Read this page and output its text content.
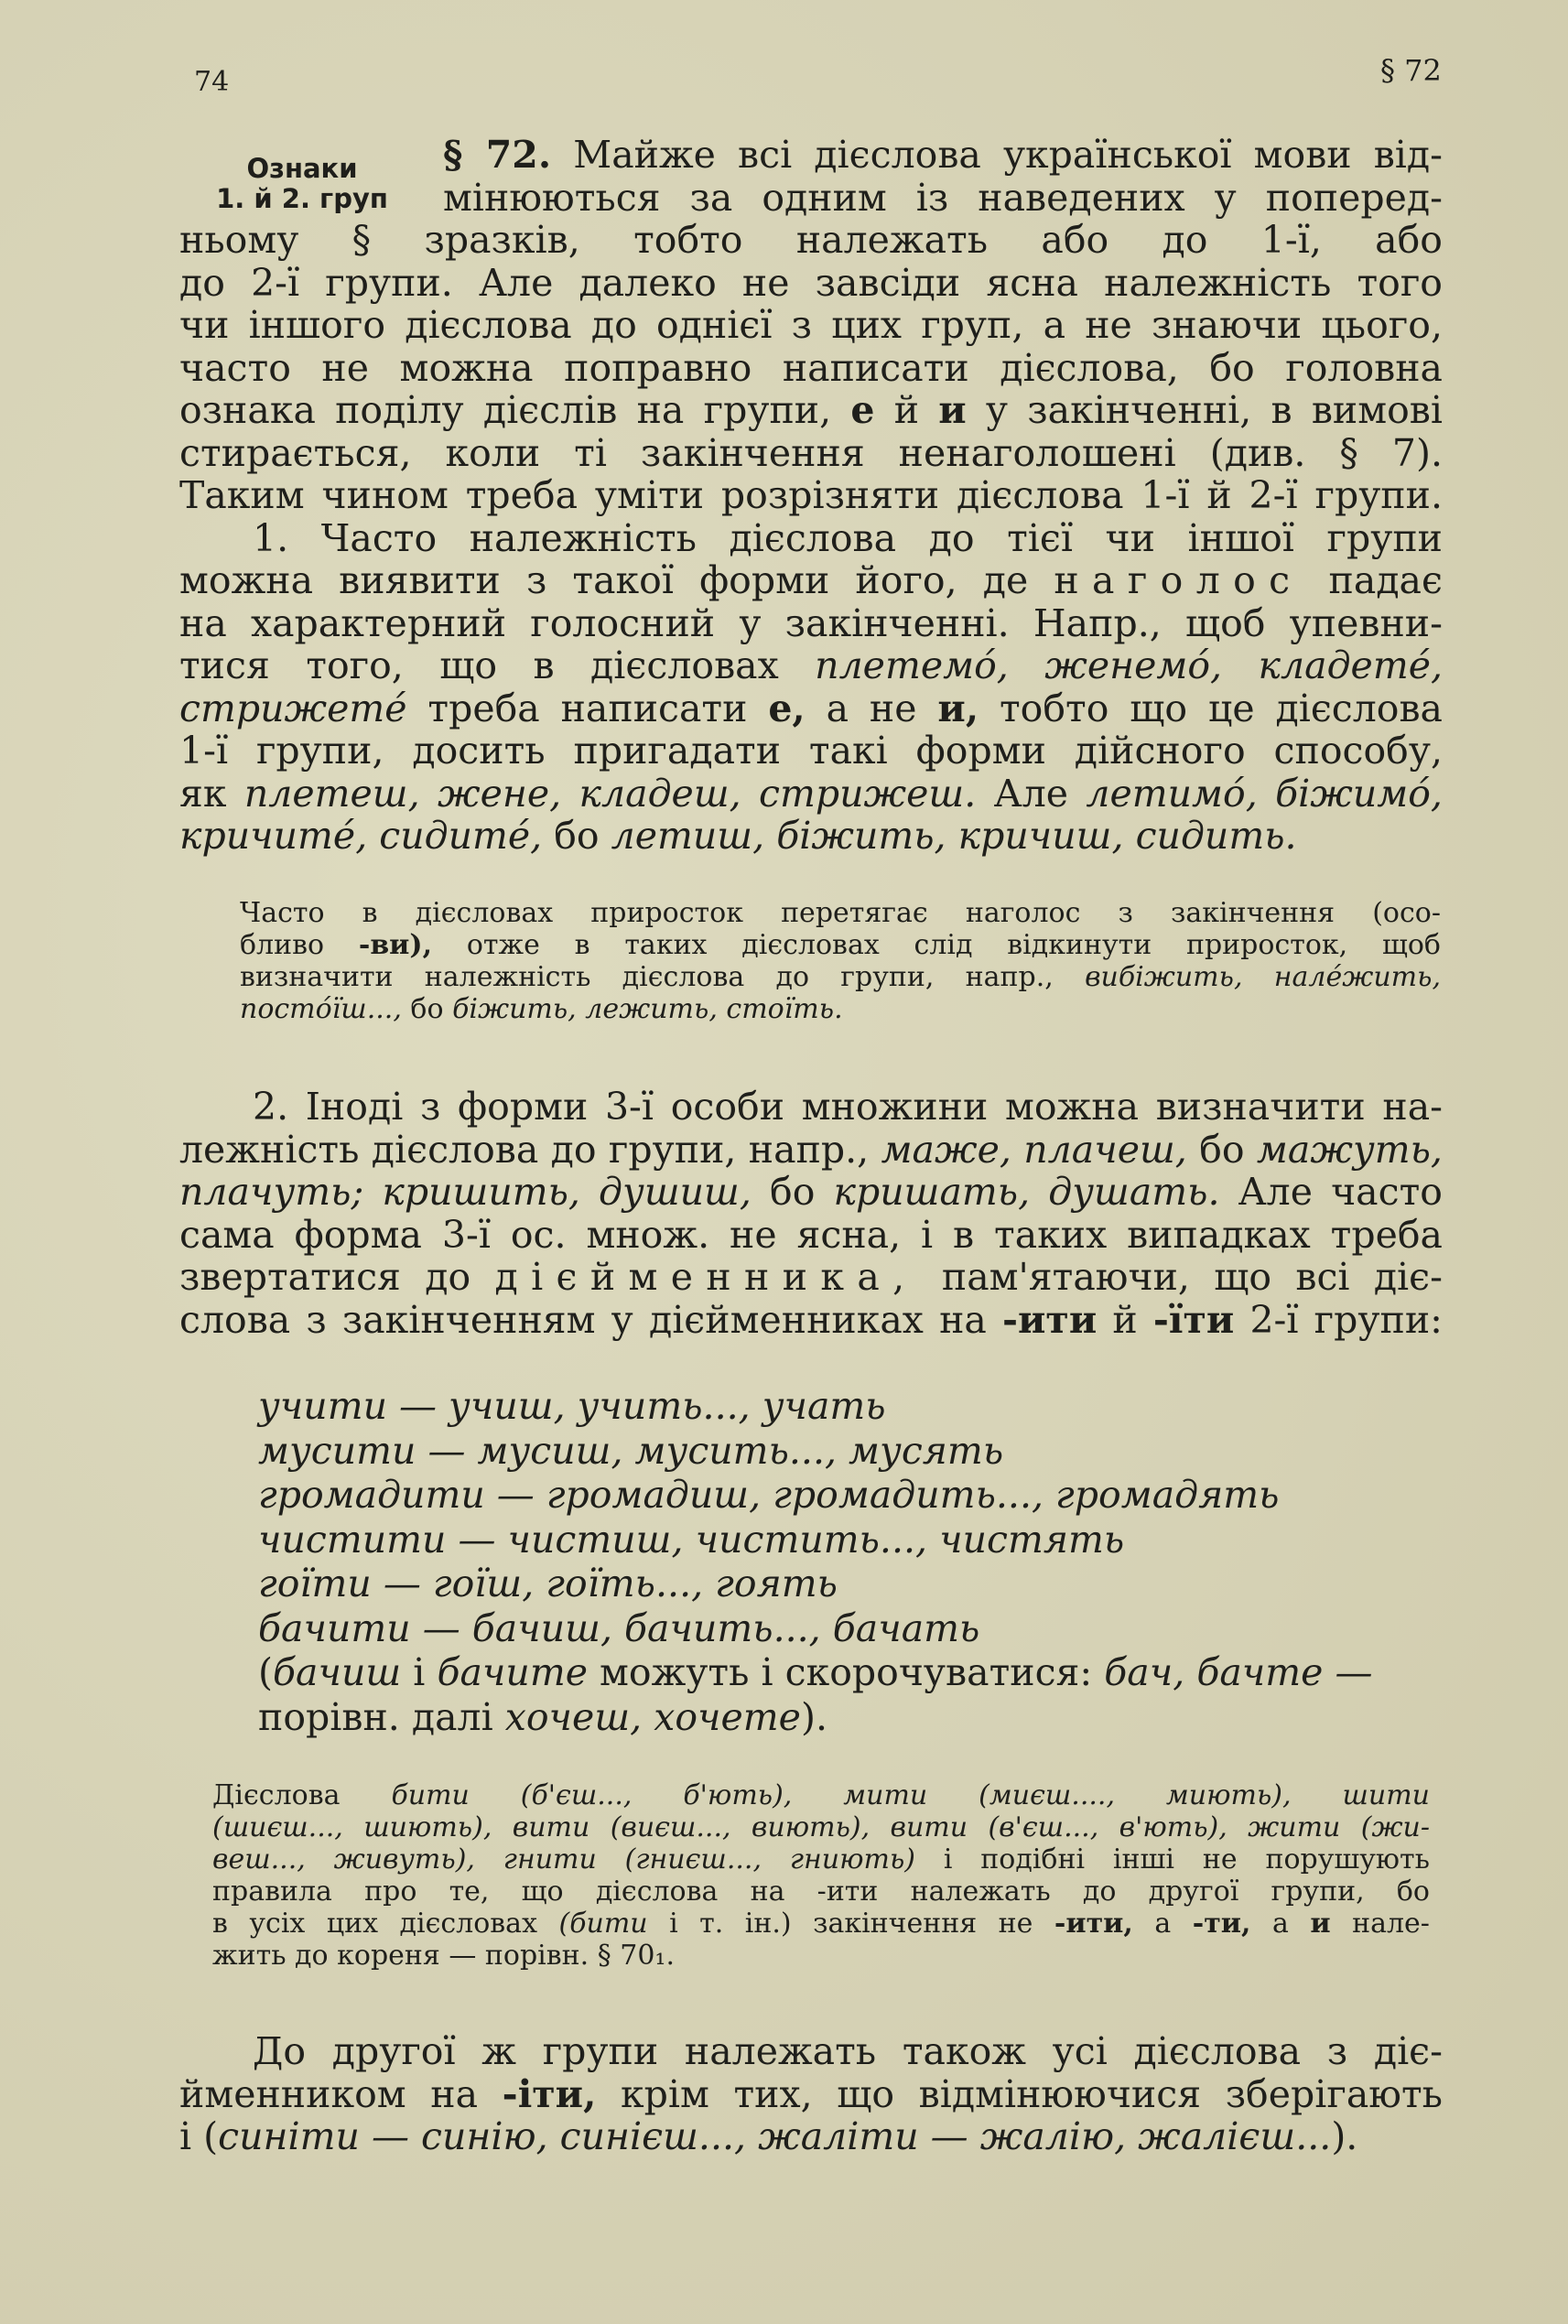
74	§ 72
Ознаки
1. й 2. груп
§ 72. Майже всі дієслова української мови від-
мінюються за одним із наведених у поперед-
ньому § зразків, тобто належать або до 1-ї, або
до 2-ї групи. Але далеко не завсіди ясна належність того
чи іншого дієслова до однієї з цих груп, а не знаючи цього,
часто не можна поправно написати дієслова, бо головна
ознака поділу дієслів на групи, е й и у закінченні, в вимові
стирається, коли ті закінчення ненаголошені (див. § 7).
Таким чином треба уміти розрізняти дієслова 1-ї й 2-ї групи.
1. Часто належність дієслова до тієї чи іншої групи
можна виявити з такої форми його, де наголос падає
на характерний голосний у закінченні. Напр., щоб упевни-
тися того, що в дієсловах плетемо́, женемо́, кладете́,
стрижете́ треба написати е, а не и, тобто що це дієслова
1-ї групи, досить пригадати такі форми дійсного способу,
як плетеш, жене, кладеш, стрижеш. Але летимо́, біжимо́,
кричите́, сидите́, бо летиш, біжить, кричиш, сидить.
Часто в дієсловах приросток перетягає наголос з закінчення (осо-
бливо -ви), отже в таких дієсловах слід відкинути приросток, щоб
визначити належність дієслова до групи, напр., вибіжить, нале́жить,
посто́їш..., бо біжить, лежить, стоїть.
2. Іноді з форми 3-ї особи множини можна визначити на-
лежність дієслова до групи, напр., маже, плачеш, бо мажуть,
плачуть; кришить, душиш, бо кришать, душать. Але часто
сама форма 3-ї ос. множ. не ясна, і в таких випадках треба
звертатися до дієйменника, пам'ятаючи, що всі діє-
слова з закінченням у дієйменниках на -ити й -їти 2-ї групи:
учити — учиш, учить..., учать
мусити — мусиш, мусить..., мусять
громадити — громадиш, громадить..., громадять
чистити — чистиш, чистить..., чистять
гоїти — гоїш, гоїть..., гоять
бачити — бачиш, бачить..., бачать
(бачиш і бачите можуть і скорочуватися: бач, бачте —
порівн. далі хочеш, хочете).
Дієслова бити (б'єш..., б'ють), мити (миєш...., миють), шити
(шиєш..., шиють), вити (виєш..., виють), вити (в'єш..., в'ють), жити (жи-
веш..., живуть), гнити (гниєш..., гниють) і подібні інші не порушують
правила про те, що дієслова на -ити належать до другої групи, бо
в усіх цих дієсловах (бити і т. ін.) закінчення не -ити, а -ти, а и нале-
жить до кореня — порівн. § 70₁.
До другої ж групи належать також усі дієслова з діє-
йменником на -іти, крім тих, що відмінюючися зберігають
і (синіти — синію, синієш..., жаліти — жалію, жалієш...).
